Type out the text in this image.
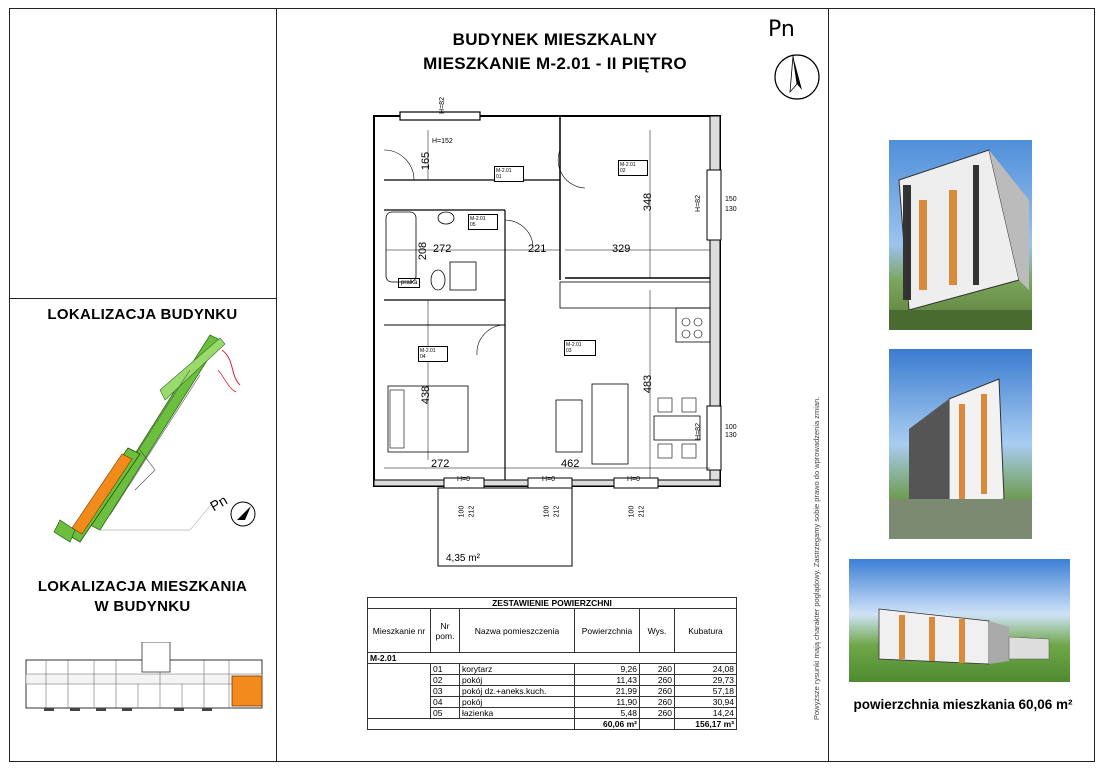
BUDYNEK MIESZKALNY
MIESZKANIE M-2.01 - II PIĘTRO
Pn
LOKALIZACJA BUDYNKU
Pn
LOKALIZACJA MIESZKANIA
W BUDYNKU
M-2.01
01
M-2.01
02
M-2.01
03
M-2.01
04
M-2.01
05
165
348
272	221	329
208
438
483
272	462
pralka
4,35 m²
H=82
H=152
H=0	H=0	H=0
100	100	100
212	212	212
150
130
100
130
H=82
H=82
ZESTAWIENIE POWIERZCHNI					
Mieszkanie nr	Nr pom.	Nazwa pomieszczenia	Powierzchnia	Wys.	Kubatura
M-2.01					
	01	korytarz	9,26	260	24,08
	02	pokój	11,43	260	29,73
	03	pokój dz.+aneks.kuch.	21,99	260	57,18
	04	pokój	11,90	260	30,94
	05	łazienka	5,48	260	14,24
			60,06 m²		156,17 m³
Powyższe rysunki mają charakter poglądowy. Zastrzegamy sobie prawo do wprowadzenia zmian.	powierzchnia mieszkania 60,06 m²
